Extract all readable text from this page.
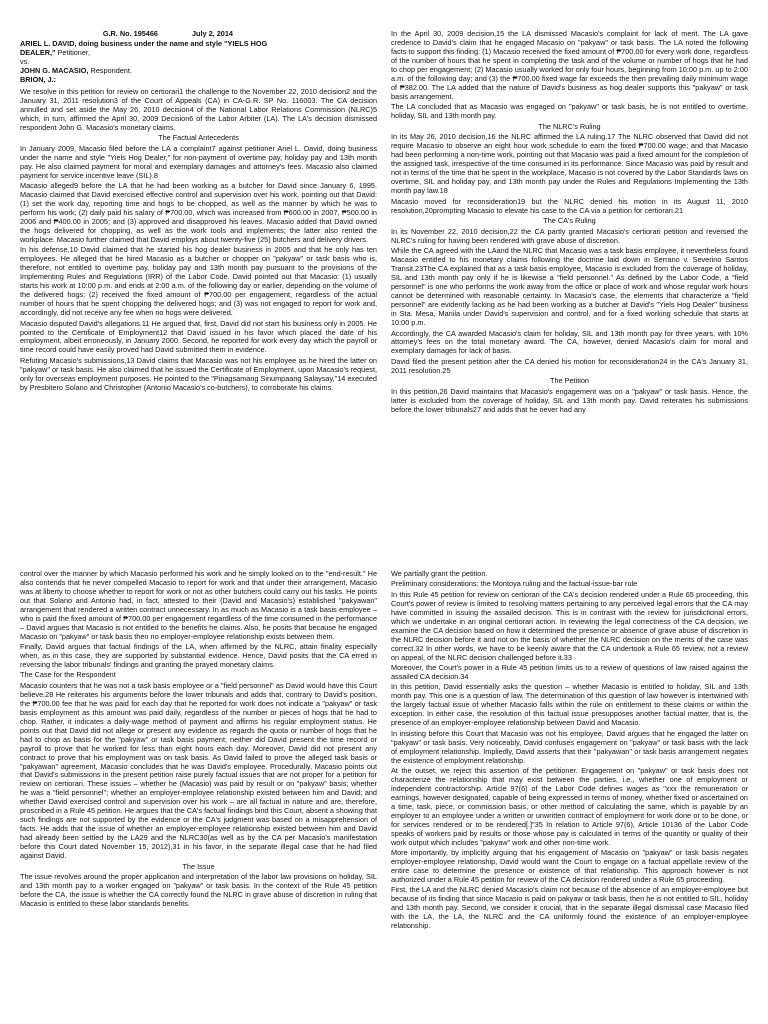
G.R. No. 195466	July 2, 2014

ARIEL L. DAVID, doing business under the name and style "YIELS HOG

DEALER," Petitioner,

vs.

JOHN G. MACASIO, Respondent.

BRION, J.:

We resolve in this petition for review on certiorari1 the challenge to the November 22, 2010 decision2 and the January 31, 2011 resolution3 of the Court of Appeals (CA) in CA-G.R. SP No. 116003. The CA decision annulled and set aside the May 26, 2010 decision4 of the National Labor Relations Commission (NLRC)5 which, in turn, affirmed the April 30, 2009 Decision6 of the Labor Arbiter (LA). The LA's decision dismissed respondent John G. Macasio's monetary claims.

The Factual Antecedents

In January 2009, Macasio filed before the LA a complaint7 against petitioner Ariel L. David, doing business under the name and style "Yiels Hog Dealer," for non-payment of overtime pay, holiday pay and 13th month pay. He also claimed payment for moral and exemplary damages and attorney's fees. Macasio also claimed payment for service incentive leave (SIL).8

Macasio alleged9 before the LA that he had been working as a butcher for David since January 6, 1995. Macasio claimed that David exercised effective control and supervision over his work, pointing out that David: (1) set the work day, reporting time and hogs to be chopped, as well as the manner by which he was to perform his work; (2) daily paid his salary of ₱700.00, which was increased from ₱600.00 in 2007, ₱500.00 in 2006 and ₱400.00 in 2005; and (3) approved and disapproved his leaves. Macasio added that David owned the hogs delivered for chopping, as well as the work tools and implements; the latter also rented the workplace. Macasio further claimed that David employs about twenty-five (25) butchers and delivery drivers.

In his defense,10 David claimed that he started his hog dealer business in 2005 and that he only has ten employees. He alleged that he hired Macasio as a butcher or chopper on "pakyaw" or task basis who is, therefore, not entitled to overtime pay, holiday pay and 13th month pay pursuant to the provisions of the Implementing Rules and Regulations (IRR) of the Labor Code. David pointed out that Macasio: (1) usually starts his work at 10:00 p.m. and ends at 2:00 a.m. of the following day or earlier, depending on the volume of the delivered hogs; (2) received the fixed amount of ₱700.00 per engagement, regardless of the actual number of hours that he spent chopping the delivered hogs; and (3) was not engaged to report for work and, accordingly, did not receive any fee when no hogs were delivered.

Macasio disputed David's allegations.11 He argued that, first, David did not start his business only in 2005. He pointed to the Certificate of Employment12 that David issued in his favor which placed the date of his employment, albeit erroneously, in January 2000. Second, he reported for work every day which the payroll or time record could have easily proved had David submitted them in evidence.

Refuting Macasio's submissions,13 David claims that Macasio was not his employee as he hired the latter on "pakyaw" or task basis. He also claimed that he issued the Certificate of Employment, upon Macasio's request, only for overseas employment purposes. He pointed to the "Pinagsamang Sinumpaang Salaysay,"14 executed by Presbitero Solano and Christopher (Antonio Macasio's co-butchers), to corroborate his claims.

In the April 30, 2009 decision,15 the LA dismissed Macasio's complaint for lack of merit. The LA gave credence to David's claim that he engaged Macasio on "pakyaw" or task basis. The LA noted the following facts to support this finding: (1) Macasio received the fixed amount of ₱700.00 for every work done, regardless of the number of hours that he spent in completing the task and of the volume or number of hogs that he had to chop per engagement; (2) Macasio usually worked for only four hours, beginning from 10:00 p.m. up to 2:00 a.m. of the following day; and (3) the ₱700.00 fixed wage far exceeds the then prevailing daily minimum wage of ₱382.00. The LA added that the nature of David's business as hog dealer supports this "pakyaw" or task basis arrangement.

The LA concluded that as Macasio was engaged on "pakyaw" or task basis, he is not entitled to overtime, holiday, SIL and 13th month pay.

The NLRC's Ruling

In its May 26, 2010 decision,16 the NLRC affirmed the LA ruling.17 The NLRC observed that David did not require Macasio to observe an eight hour work schedule to earn the fixed ₱700.00 wage; and that Macasio had been performing a non-time work, pointing out that Macasio was paid a fixed amount for the completion of the assigned task, irrespective of the time consumed in its performance. Since Macasio was paid by result and not in terms of the time that he spent in the workplace, Macasio is not covered by the Labor Standards laws on overtime, SIL and holiday pay, and 13th month pay under the Rules and Regulations Implementing the 13th month pay law.18

Macasio moved for reconsideration19 but the NLRC denied his motion in its August 11, 2010 resolution,20prompting Macasio to elevate his case to the CA via a petition for certiorari.21

The CA's Ruling

In its November 22, 2010 decision,22 the CA partly granted Macasio's certiorari petition and reversed the NLRC's ruling for having been rendered with grave abuse of discretion.

While the CA agreed with the LAand the NLRC that Macasio was a task basis employee, it nevertheless found Macasio entitled to his monetary claims following the doctrine laid down in Serrano v. Severino Santos Transit.23The CA explained that as a task basis employee, Macasio is excluded from the coverage of holiday, SIL and 13th month pay only if he is likewise a "field personnel." As defined by the Labor Code, a "field personnel" is one who performs the work away from the office or place of work and whose regular work hours cannot be determined with reasonable certainty. In Macasio's case, the elements that characterize a "field personnel" are evidently lacking as he had been working as a butcher at David's "Yiels Hog Dealer" business in Sta. Mesa, Manila under David's supervision and control, and for a fixed working schedule that starts at 10:00 p.m.

Accordingly, the CA awarded Macasio's claim for holiday, SIL and 13th month pay for three years, with 10% attorney's fees on the total monetary award. The CA, however, denied Macasio's claim for moral and exemplary damages for lack of basis.

David filed the present petition after the CA denied his motion for reconsideration24 in the CA's January 31, 2011 resolution.25

The Petition

In this petition,26 David maintains that Macasio's engagement was on a "pakyaw" or task basis. Hence, the latter is excluded from the coverage of holiday, SIL and 13th month pay. David reiterates his submissions before the lower tribunals27 and adds that he never had any

control over the manner by which Macasio performed his work and he simply looked on to the "end-result." He also contends that he never compelled Macasio to report for work and that under their arrangement, Macasio was at liberty to choose whether to report for work or not as other butchers could carry out his tasks. He points out that Solano and Antonio had, in fact, attested to their (David and Macasio's) established "pakyawan" arrangement that rendered a written contract unnecessary. In as much as Macasio is a task basis employee – who is paid the fixed amount of ₱700.00 per engagement regardless of the time consumed in the performance – David argues that Macasio is not entitled to the benefits he claims. Also, he posits that because he engaged Macasio on "pakyaw" or task basis then no employer-employee relationship exists between them.

Finally, David argues that factual findings of the LA, when affirmed by the NLRC, attain finality especially when, as in this case, they are supported by substantial evidence. Hence, David posits that the CA erred in reversing the labor tribunals' findings and granting the prayed monetary claims.

The Case for the Respondent

Macasio counters that he was not a task basis employee or a "field personnel" as David would have this Court believe.28 He reiterates his arguments before the lower tribunals and adds that, contrary to David's position, the ₱700.00 fee that he was paid for each day that he reported for work does not indicate a "pakyaw" or task basis employment as this amount was paid daily, regardless of the number or pieces of hogs that he had to chop. Rather, it indicates a daily-wage method of payment and affirms his regular employment status. He points out that David did not allege or present any evidence as regards the quota or number of hogs that he had to chop as basis for the "pakyaw" or task basis payment; neither did David present the time record or payroll to prove that he worked for less than eight hours each day. Moreover, David did not present any contract to prove that his employment was on task basis. As David failed to prove the alleged task basis or "pakyawan" agreement, Macasio concludes that he was David's employee. Procedurally, Macasio points out that David's submissions in the present petition raise purely factual issues that are not proper for a petition for review on certiorari. These issues – whether he (Macasio) was paid by result or on "pakyaw" basis; whether he was a "field personnel"; whether an employer-employee relationship existed between him and David; and whether David exercised control and supervision over his work – are all factual in nature and are, therefore, proscribed in a Rule 45 petition. He argues that the CA's factual findings bind this Court, absent a showing that such findings are not supported by the evidence or the CA's judgment was based on a misapprehension of facts. He adds that the issue of whether an employer-employee relationship existed between him and David had already been settled by the LA29 and the NLRC30(as well as by the CA per Macasio's manifestation before this Court dated November 15, 2012),31 in his favor, in the separate illegal case that he had filed against David.

The Issue

The issue revolves around the proper application and interpretation of the labor law provisions on holiday, SIL and 13th month pay to a worker engaged on "pakyaw" or task basis. In the context of the Rule 45 petition before the CA, the issue is whether the CA correctly found the NLRC in grave abuse of discretion in ruling that Macasio is entitled to these labor standards benefits.

We partially grant the petition.

Preliminary considerations: the Montoya ruling and the factual-issue-bar rule

In this Rule 45 petition for review on certiorari of the CA's decision rendered under a Rule 65 proceeding, this Court's power of review is limited to resolving matters pertaining to any perceived legal errors that the CA may have committed in issuing the assailed decision. This is in contrast with the review for jurisdictional errors, which we undertake in an original certiorari action. In reviewing the legal correctness of the CA decision, we examine the CA decision based on how it determined the presence or absence of grave abuse of discretion in the NLRC decision before it and not on the basis of whether the NLRC decision on the merits of the case was correct.32 In other words, we have to be keenly aware that the CA undertook a Rule 65 review, not a review on appeal, of the NLRC decision challenged before it.33

Moreover, the Court's power in a Rule 45 petition limits us to a review of questions of law raised against the assailed CA decision.34

In this petition, David essentially asks the question – whether Macasio is entitled to holiday, SIL and 13th month pay. This one is a question of law. The determination of this question of law however is intertwined with the largely factual issue of whether Macasio falls within the rule on entitlement to these claims or within the exception. In either case, the resolution of this factual issue presupposes another factual matter, that is, the presence of an employer-employee relationship between David and Macasio.

In insisting before this Court that Macasio was not his employee, David argues that he engaged the latter on "pakyaw" or task basis. Very noticeably, David confuses engagement on "pakyaw" or task basis with the lack of employment relationship. Impliedly, David asserts that their "pakyawan" or task basis arrangement negates the existence of employment relationship.

At the outset, we reject this assertion of the petitioner. Engagement on "pakyaw" or task basis does not characterize the relationship that may exist between the parties, i.e., whether one of employment or independent contractorship. Article 97(6) of the Labor Code defines wages as "xxx the remuneration or earnings, however designated, capable of being expressed in terms of money, whether fixed or ascertained on a time, task, piece, or commission basis, or other method of calculating the same, which is payable by an employer to an employee under a written or unwritten contract of employment for work done or to be done, or for services rendered or to be rendered[.]"35 In relation to Article 97(6), Article 10136 of the Labor Code speaks of workers paid by results or those whose pay is calculated in terms of the quantity or quality of their work output which includes "pakyaw" work and other non-time work.

More importantly, by implicitly arguing that his engagement of Macasio on "pakyaw" or task basis negates employer-employee relationship, David would want the Court to engage on a factual appellate review of the entire case to determine the presence or existence of that relationship. This approach however is not authorized under a Rule 45 petition for review of the CA decision rendered under a Rule 65 proceeding.

First, the LA and the NLRC denied Macasio's claim not because of the absence of an employer-employee but because of its finding that since Macasio is paid on pakyaw or task basis, then he is not entitled to SIL, holiday and 13th month pay. Second, we consider it crucial, that in the separate illegal dismissal case Macasio filed with the LA, the LA, the NLRC and the CA uniformly found the existence of an employer-employee relationship.
